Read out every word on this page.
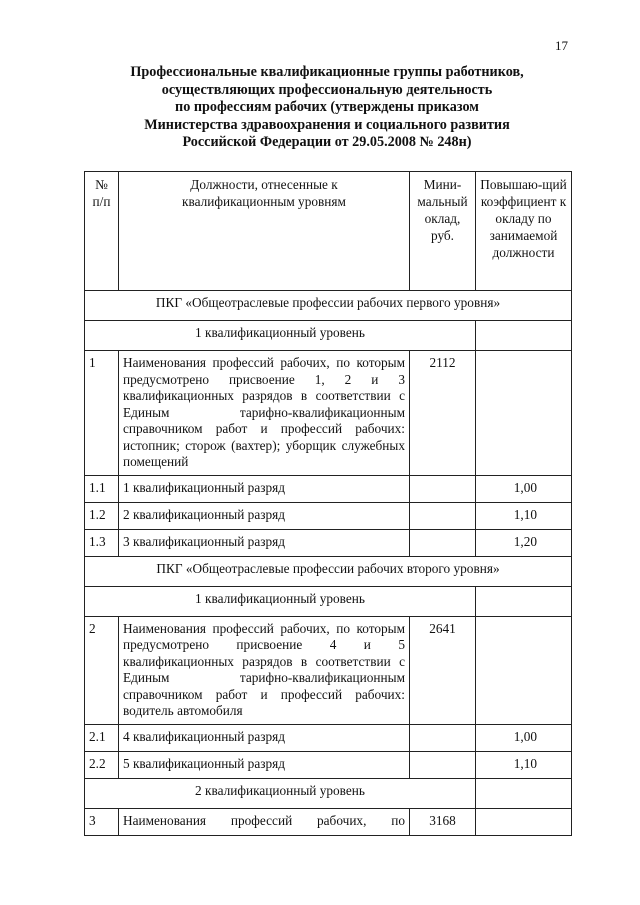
17
Профессиональные квалификационные группы работников,
осуществляющих профессиональную деятельность
по профессиям рабочих (утверждены приказом
Министерства здравоохранения и социального развития
Российской Федерации от 29.05.2008 № 248н)
№ п/п	Должности, отнесенные к квалификационным уровням	Мини-мальный оклад, руб.	Повышаю-щий коэффициент к окладу по занимаемой должности
ПКГ «Общеотраслевые профессии рабочих первого уровня»			
1 квалификационный уровень			
1	Наименования профессий рабочих, по которым предусмотрено присвоение 1, 2 и 3 квалификационных разрядов в соответствии с Единым тарифно-квалификационным справочником работ и профессий рабочих: истопник; сторож (вахтер); уборщик служебных помещений	2112	
1.1	1 квалификационный разряд		1,00
1.2	2 квалификационный разряд		1,10
1.3	3 квалификационный разряд		1,20
ПКГ «Общеотраслевые профессии рабочих второго уровня»			
1 квалификационный уровень			
2	Наименования профессий рабочих, по которым предусмотрено присвоение 4 и 5 квалификационных разрядов в соответствии с Единым тарифно-квалификационным справочником работ и профессий рабочих: водитель автомобиля	2641	
2.1	4 квалификационный разряд		1,00
2.2	5 квалификационный разряд		1,10
2 квалификационный уровень			
3	Наименования профессий рабочих, по	3168	
